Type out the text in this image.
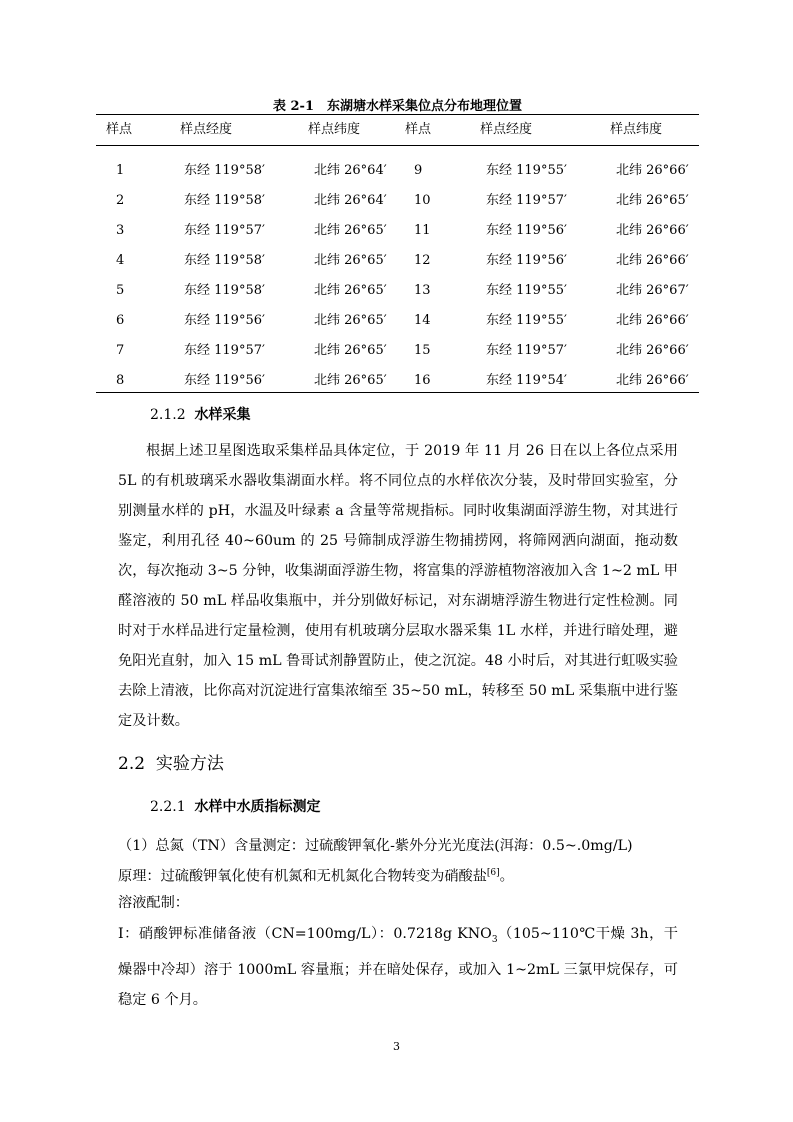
表 2-1　东湖塘水样采集位点分布地理位置
样点	样点经度	样点纬度	样点	样点经度	样点纬度
1	东经 119°58′	北纬 26°64′ 9	东经 119°55′	北纬 26°66′
2	东经 119°58′	北纬 26°64′ 10	东经 119°57′	北纬 26°65′
3	东经 119°57′	北纬 26°65′ 11	东经 119°56′	北纬 26°66′
4	东经 119°58′	北纬 26°65′ 12	东经 119°56′	北纬 26°66′
5	东经 119°58′	北纬 26°65′ 13	东经 119°55′	北纬 26°67′
6	东经 119°56′	北纬 26°65′ 14	东经 119°55′	北纬 26°66′
7	东经 119°57′	北纬 26°65′ 15	东经 119°57′	北纬 26°66′
8	东经 119°56′	北纬 26°65′ 16	东经 119°54′	北纬 26°66′
2.1.2 水样采集
根据上述卫星图选取采集样品具体定位，于 2019 年 11 月 26 日在以上各位点采用 5L 的有机玻璃采水器收集湖面水样。将不同位点的水样依次分装，及时带回实验室，分别测量水样的 pH，水温及叶绿素 a 含量等常规指标。同时收集湖面浮游生物，对其进行鉴定，利用孔径 40~60um 的 25 号筛制成浮游生物捕捞网，将筛网洒向湖面，拖动数次，每次拖动 3~5 分钟，收集湖面浮游生物，将富集的浮游植物溶液加入含 1~2 mL 甲醛溶液的 50 mL 样品收集瓶中，并分别做好标记，对东湖塘浮游生物进行定性检测。同时对于水样品进行定量检测，使用有机玻璃分层取水器采集 1L 水样，并进行暗处理，避免阳光直射，加入 15 mL 鲁哥试剂静置防止，使之沉淀。48 小时后，对其进行虹吸实验去除上清液，比你高对沉淀进行富集浓缩至 35~50 mL，转移至 50 mL 采集瓶中进行鉴定及计数。
2.2 实验方法
2.2.1 水样中水质指标测定
（1）总氮（TN）含量测定：过硫酸钾氧化-紫外分光光度法(洱海：0.5~.0mg/L)
原理：过硫酸钾氧化使有机氮和无机氮化合物转变为硝酸盐[6]。
溶液配制：
Ⅰ：硝酸钾标准储备液（CN=100mg/L）：0.7218g $KNO_3(105\sim 110℃$干燥 3h，干燥器中冷却）溶于 1000mL 容量瓶；并在暗处保存，或加入 1~2mL 三氯甲烷保存，可稳定 6 个月。
3
